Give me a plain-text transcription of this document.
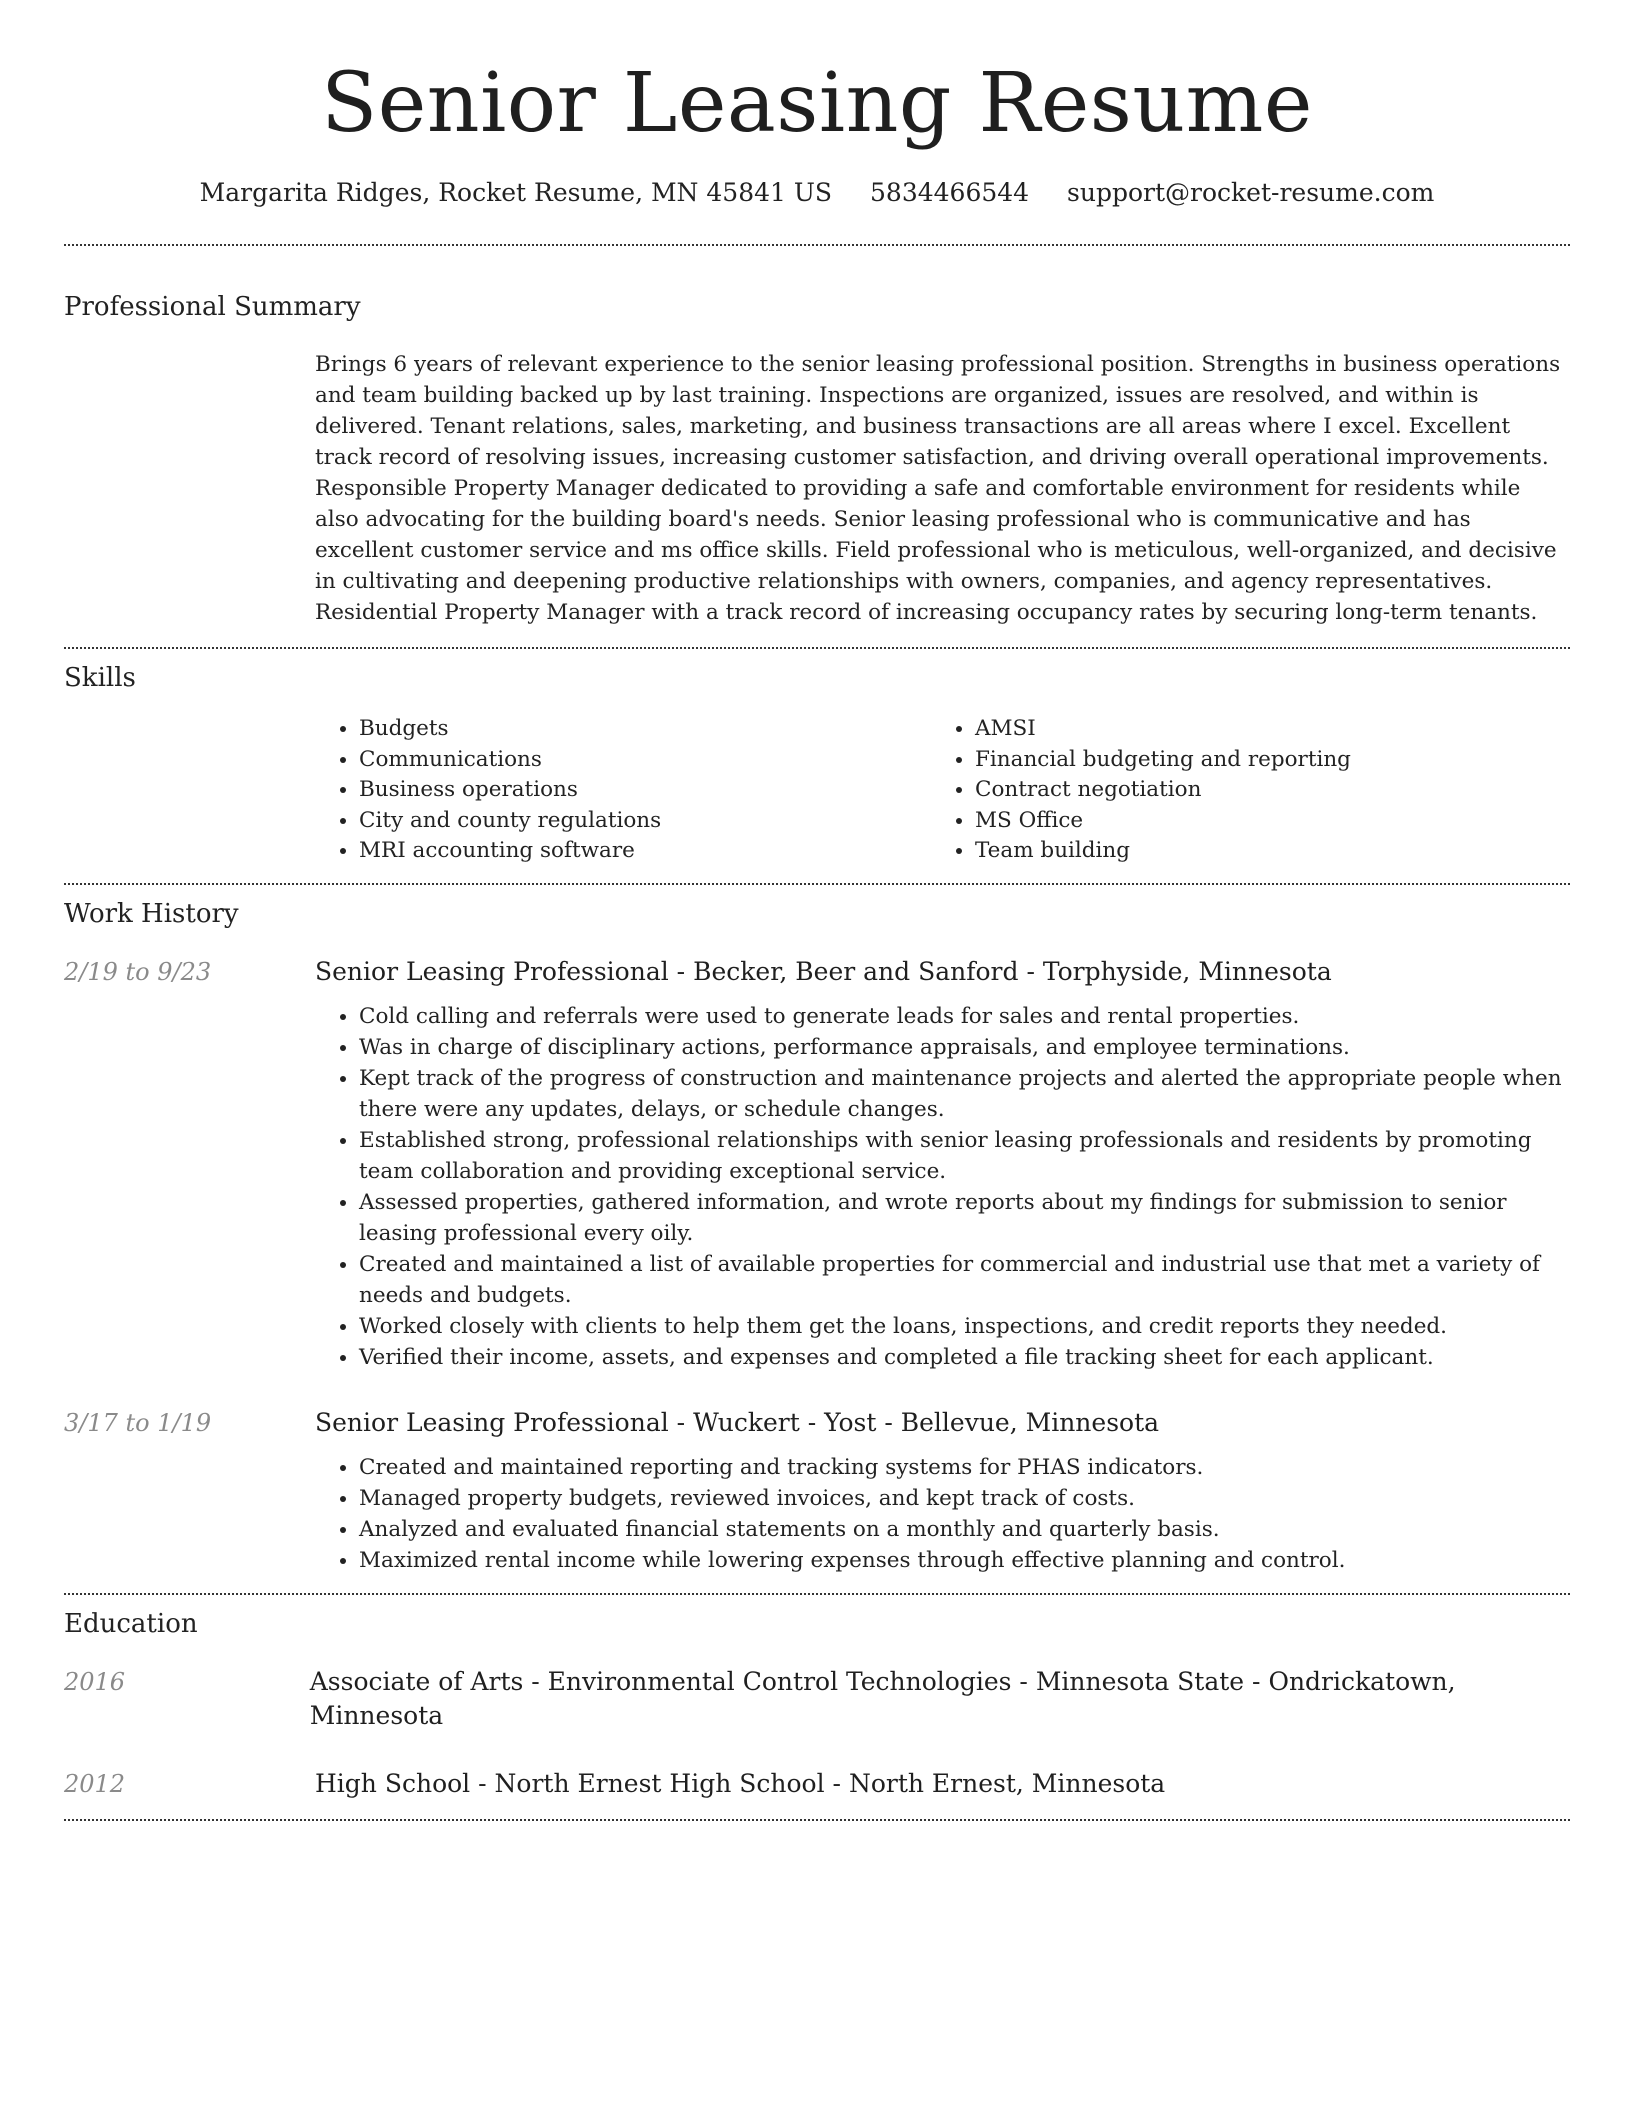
Senior Leasing Resume
Margarita Ridges, Rocket Resume, MN 45841 US 5834466544 support@rocket-resume.com
Professional Summary

Brings 6 years of relevant experience to the senior leasing professional position. Strengths in business operations and team building backed up by last training. Inspections are organized, issues are resolved, and within is delivered. Tenant relations, sales, marketing, and business transactions are all areas where I excel. Excellent track record of resolving issues, increasing customer satisfaction, and driving overall operational improvements. Responsible Property Manager dedicated to providing a safe and comfortable environment for residents while also advocating for the building board's needs. Senior leasing professional who is communicative and has excellent customer service and ms office skills. Field professional who is meticulous, well-organized, and decisive in cultivating and deepening productive relationships with owners, companies, and agency representatives. Residential Property Manager with a track record of increasing occupancy rates by securing long-term tenants.

Skills
• Budgets
• Communications
• Business operations
• City and county regulations
• MRI accounting software
• AMSI
• Financial budgeting and reporting
• Contract negotiation
• MS Office
• Team building
Work History
2/19 to 9/23	Senior Leasing Professional - Becker, Beer and Sanford - Torphyside, Minnesota
• Cold calling and referrals were used to generate leads for sales and rental properties.
• Was in charge of disciplinary actions, performance appraisals, and employee terminations.
• Kept track of the progress of construction and maintenance projects and alerted the appropriate people when there were any updates, delays, or schedule changes.
• Established strong, professional relationships with senior leasing professionals and residents by promoting team collaboration and providing exceptional service.
• Assessed properties, gathered information, and wrote reports about my findings for submission to senior leasing professional every oily.
• Created and maintained a list of available properties for commercial and industrial use that met a variety of needs and budgets.
• Worked closely with clients to help them get the loans, inspections, and credit reports they needed.
• Verified their income, assets, and expenses and completed a file tracking sheet for each applicant.
3/17 to 1/19	Senior Leasing Professional - Wuckert - Yost - Bellevue, Minnesota
• Created and maintained reporting and tracking systems for PHAS indicators.
• Managed property budgets, reviewed invoices, and kept track of costs.
• Analyzed and evaluated financial statements on a monthly and quarterly basis.
• Maximized rental income while lowering expenses through effective planning and control.
Education
2016	Associate of Arts - Environmental Control Technologies - Minnesota State - Ondrickatown, Minnesota
2012	High School - North Ernest High School - North Ernest, Minnesota
